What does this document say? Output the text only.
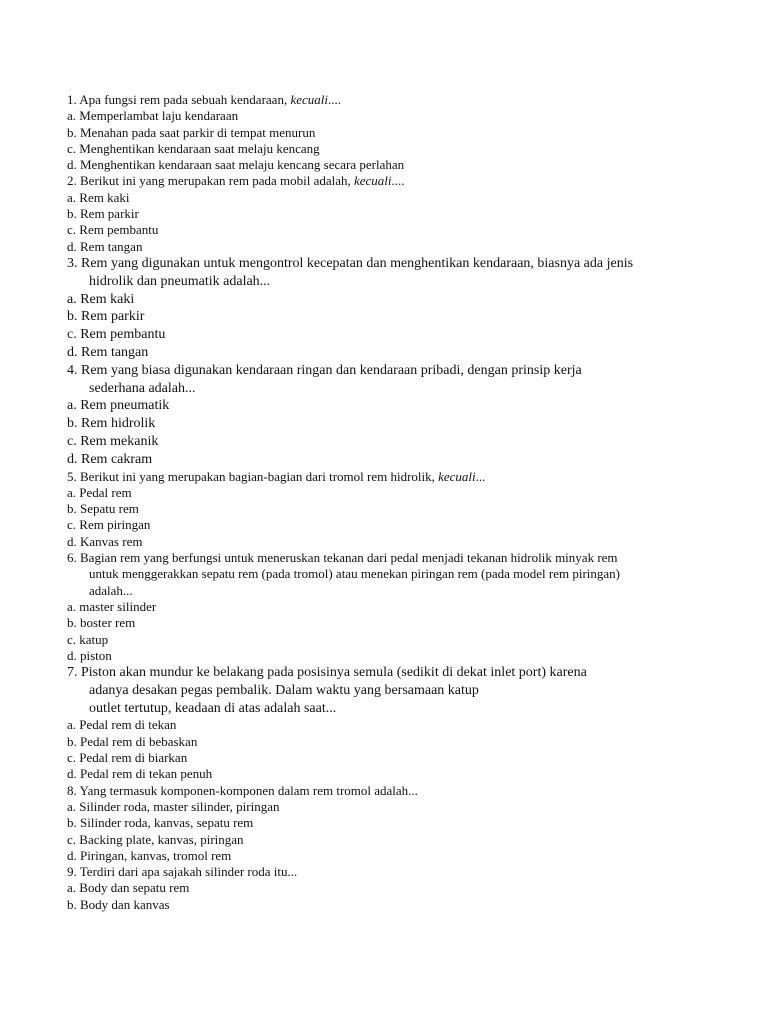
1. Apa fungsi rem pada sebuah kendaraan, kecuali....
a. Memperlambat laju kendaraan
b. Menahan pada saat parkir di tempat menurun
c. Menghentikan kendaraan saat melaju kencang
d. Menghentikan kendaraan saat melaju kencang secara perlahan
2. Berikut ini yang merupakan rem pada mobil adalah, kecuali....
a. Rem kaki
b. Rem parkir
c. Rem pembantu
d. Rem tangan
3. Rem yang digunakan untuk mengontrol kecepatan dan menghentikan kendaraan, biasnya ada jenis
hidrolik dan pneumatik adalah...
a. Rem kaki
b. Rem parkir
c. Rem pembantu
d. Rem tangan
4. Rem yang biasa digunakan kendaraan ringan dan kendaraan pribadi, dengan prinsip kerja
sederhana adalah...
a. Rem pneumatik
b. Rem hidrolik
c. Rem mekanik
d. Rem cakram
5. Berikut ini yang merupakan bagian-bagian dari tromol rem hidrolik, kecuali...
a. Pedal rem
b. Sepatu rem
c. Rem piringan
d. Kanvas rem
6. Bagian rem yang berfungsi untuk meneruskan tekanan dari pedal menjadi tekanan hidrolik minyak rem
untuk menggerakkan sepatu rem (pada tromol) atau menekan piringan rem (pada model rem piringan)
adalah...
a. master silinder
b. boster rem
c. katup
d. piston
7. Piston akan mundur ke belakang pada posisinya semula (sedikit di dekat inlet port) karena
adanya desakan pegas pembalik. Dalam waktu yang bersamaan katup
outlet tertutup, keadaan di atas adalah saat...
a. Pedal rem di tekan
b. Pedal rem di bebaskan
c. Pedal rem di biarkan
d. Pedal rem di tekan penuh
8. Yang termasuk komponen-komponen dalam rem tromol adalah...
a. Silinder roda, master silinder, piringan
b. Silinder roda, kanvas, sepatu rem
c. Backing plate, kanvas, piringan
d. Piringan, kanvas, tromol rem
9. Terdiri dari apa sajakah silinder roda itu...
a. Body dan sepatu rem
b. Body dan kanvas
